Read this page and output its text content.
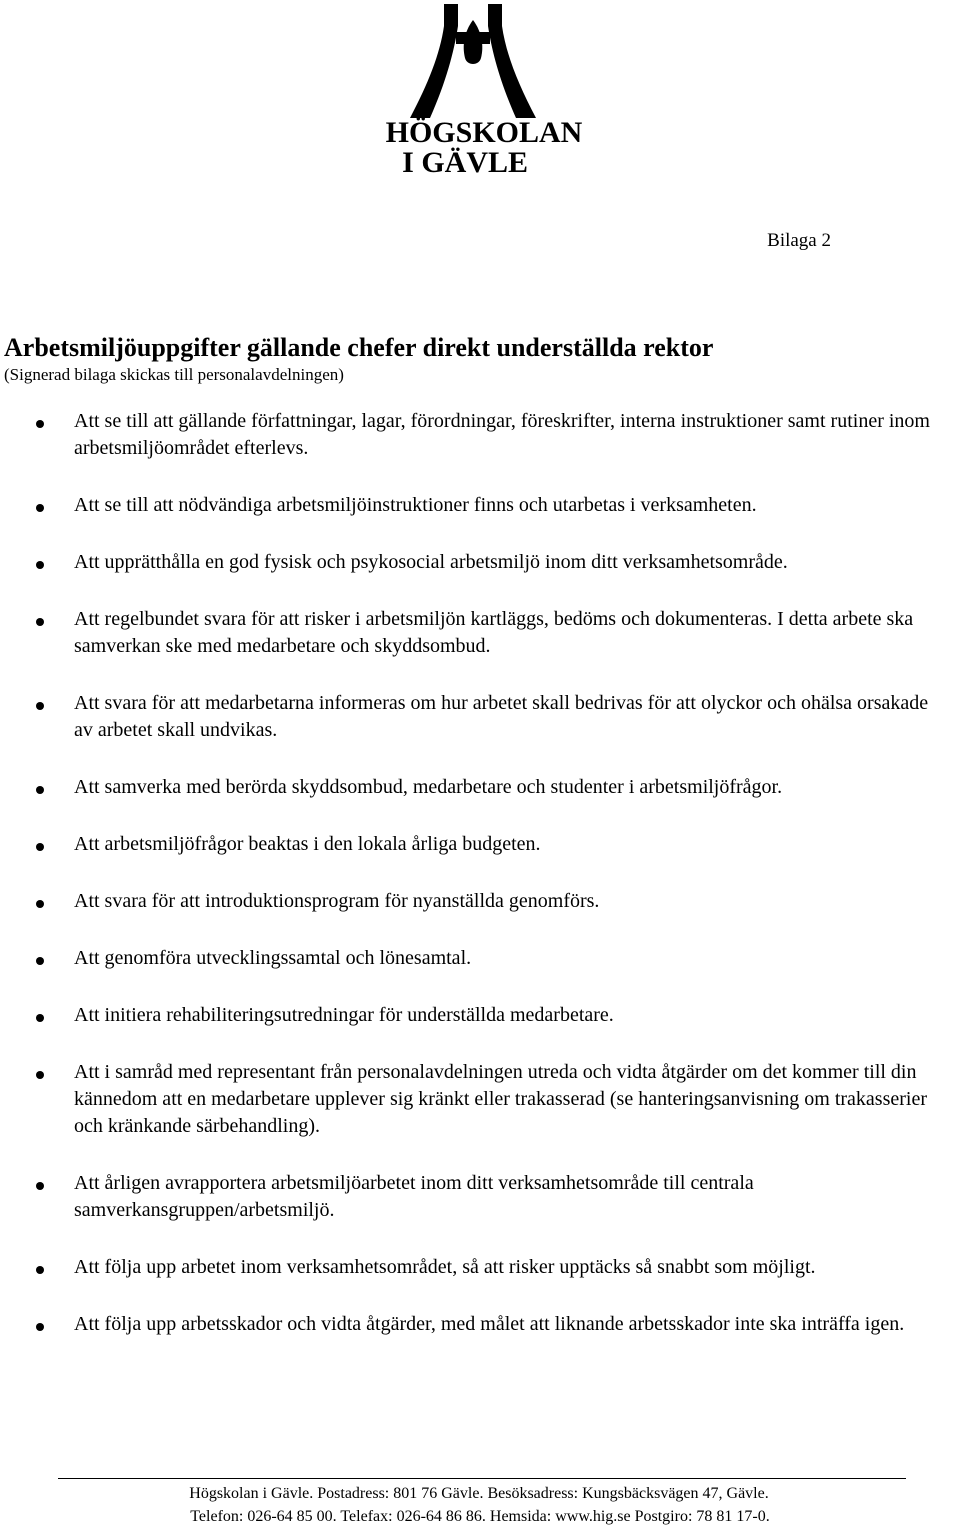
HÖGSKOLAN
I GÄVLE
Bilaga 2
Arbetsmiljöuppgifter gällande chefer direkt underställda rektor
(Signerad bilaga skickas till personalavdelningen)
Att se till att gällande författningar, lagar, förordningar, föreskrifter, interna instruktioner samt rutiner inom arbetsmiljöområdet efterlevs.
Att se till att nödvändiga arbetsmiljöinstruktioner finns och utarbetas i verksamheten.
Att upprätthålla en god fysisk och psykosocial arbetsmiljö inom ditt verksamhetsområde.
Att regelbundet svara för att risker i arbetsmiljön kartläggs, bedöms och dokumenteras. I detta arbete ska samverkan ske med medarbetare och skyddsombud.
Att svara för att medarbetarna informeras om hur arbetet skall bedrivas för att olyckor och ohälsa orsakade av arbetet skall undvikas.
Att samverka med berörda skyddsombud, medarbetare och studenter i arbetsmiljöfrågor.
Att arbetsmiljöfrågor beaktas i den lokala årliga budgeten.
Att svara för att introduktionsprogram för nyanställda genomförs.
Att genomföra utvecklingssamtal och lönesamtal.
Att initiera rehabiliteringsutredningar för underställda medarbetare.
Att i samråd med representant från personalavdelningen utreda och vidta åtgärder om det kommer till din kännedom att en medarbetare upplever sig kränkt eller trakasserad (se hanteringsanvisning om trakasserier och kränkande särbehandling).
Att årligen avrapportera arbetsmiljöarbetet inom ditt verksamhetsområde till centrala samverkansgruppen/arbetsmiljö.
Att följa upp arbetet inom verksamhetsområdet, så att risker upptäcks så snabbt som möjligt.
Att följa upp arbetsskador och vidta åtgärder, med målet att liknande arbetsskador inte ska inträffa igen.
Högskolan i Gävle. Postadress: 801 76 Gävle. Besöksadress: Kungsbäcksvägen 47, Gävle.
Telefon: 026-64 85 00. Telefax: 026-64 86 86. Hemsida: www.hig.se Postgiro: 78 81 17-0.
